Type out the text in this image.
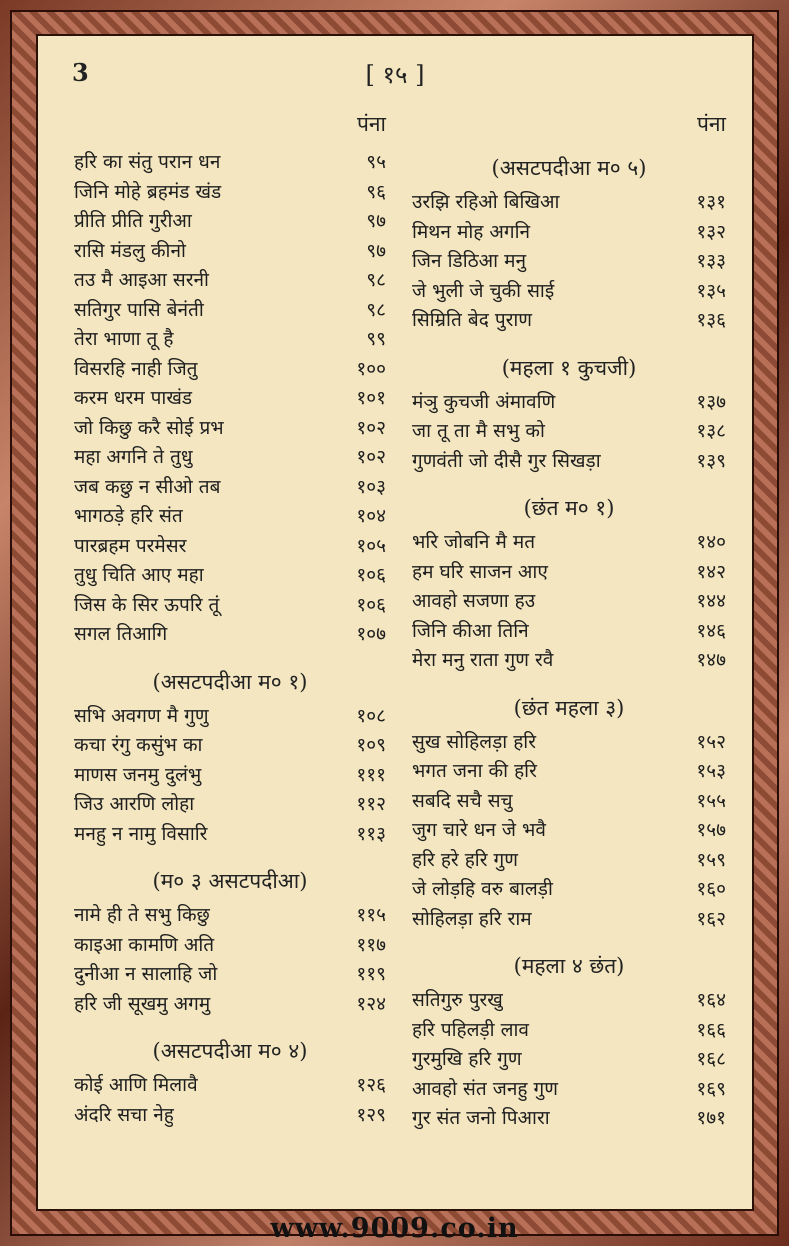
3	[ १५ ]
पंना
हरि का संतु परान धन	९५
जिनि मोहे ब्रहमंड खंड	९६
प्रीति प्रीति गुरीआ	९७
रासि मंडलु कीनो	९७
तउ मै आइआ सरनी	९८
सतिगुर पासि बेनंती	९८
तेरा भाणा तू है	९९
विसरहि नाही जितु	१००
करम धरम पाखंड	१०१
जो किछु करै सोई प्रभ	१०२
महा अगनि ते तुधु	१०२
जब कछु न सीओ तब	१०३
भागठड़े हरि संत	१०४
पारब्रहम परमेसर	१०५
तुधु चिति आए महा	१०६
जिस के सिर ऊपरि तूं	१०६
सगल तिआगि	१०७
(असटपदीआ म० १)
सभि अवगण मै गुणु	१०८
कचा रंगु कसुंभ का	१०९
माणस जनमु दुलंभु	१११
जिउ आरणि लोहा	११२
मनहु न नामु विसारि	११३
(म० ३ असटपदीआ)
नामे ही ते सभु किछु	११५
काइआ कामणि अति	११७
दुनीआ न सालाहि जो	११९
हरि जी सूखमु अगमु	१२४
(असटपदीआ म० ४)
कोई आणि मिलावै	१२६
अंदरि सचा नेहु	१२९
पंना
(असटपदीआ म० ५)
उरझि रहिओ बिखिआ	१३१
मिथन मोह अगनि	१३२
जिन डिठिआ मनु	१३३
जे भुली जे चुकी साई	१३५
सिम्रिति बेद पुराण	१३६
(महला १ कुचजी)
मंञु कुचजी अंमावणि	१३७
जा तू ता मै सभु को	१३८
गुणवंती जो दीसै गुर सिखड़ा	१३९
(छंत म० १)
भरि जोबनि मै मत	१४०
हम घरि साजन आए	१४२
आवहो सजणा हउ	१४४
जिनि कीआ तिनि	१४६
मेरा मनु राता गुण रवै	१४७
(छंत महला ३)
सुख सोहिलड़ा हरि	१५२
भगत जना की हरि	१५३
सबदि सचै सचु	१५५
जुग चारे धन जे भवै	१५७
हरि हरे हरि गुण	१५९
जे लोड़हि वरु बालड़ी	१६०
सोहिलड़ा हरि राम	१६२
(महला ४ छंत)
सतिगुरु पुरखु	१६४
हरि पहिलड़ी लाव	१६६
गुरमुखि हरि गुण	१६८
आवहो संत जनहु गुण	१६९
गुर संत जनो पिआरा	१७१
www.9009.co.in
